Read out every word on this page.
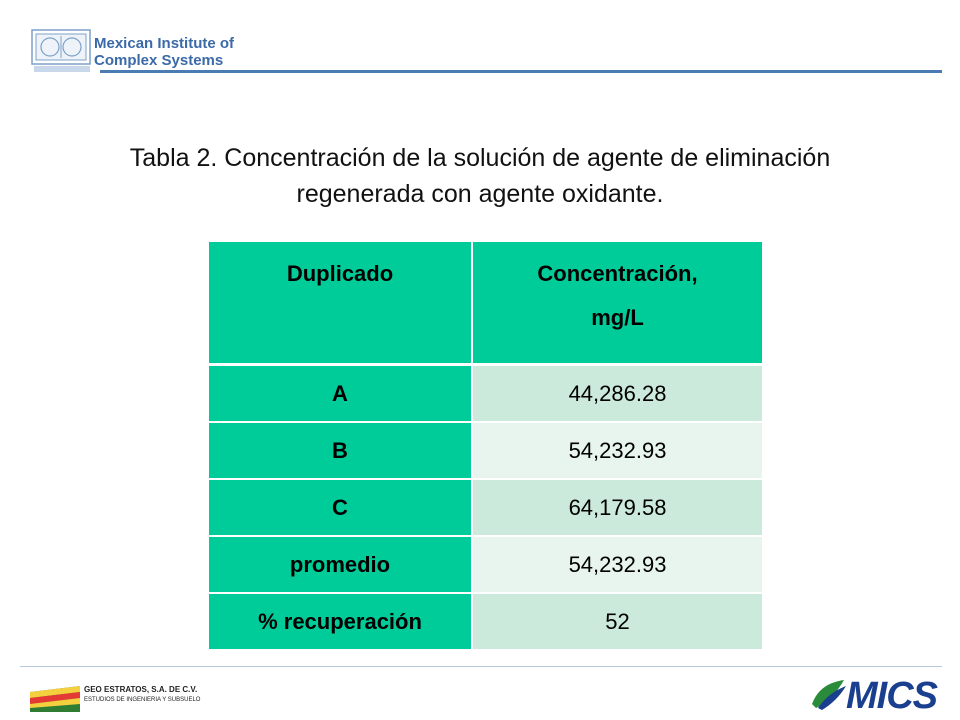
Mexican Institute of
Complex Systems
Tabla 2. Concentración de la solución de agente de eliminación
regenerada con agente oxidante.
Duplicado	Concentración,
mg/L

A	44,286.28
B	54,232.93
C	64,179.58
promedio	54,232.93
% recuperación	52
GEO ESTRATOS, S.A. DE C.V.
ESTUDIOS DE INGENIERIA Y SUBSUELO	MICS
